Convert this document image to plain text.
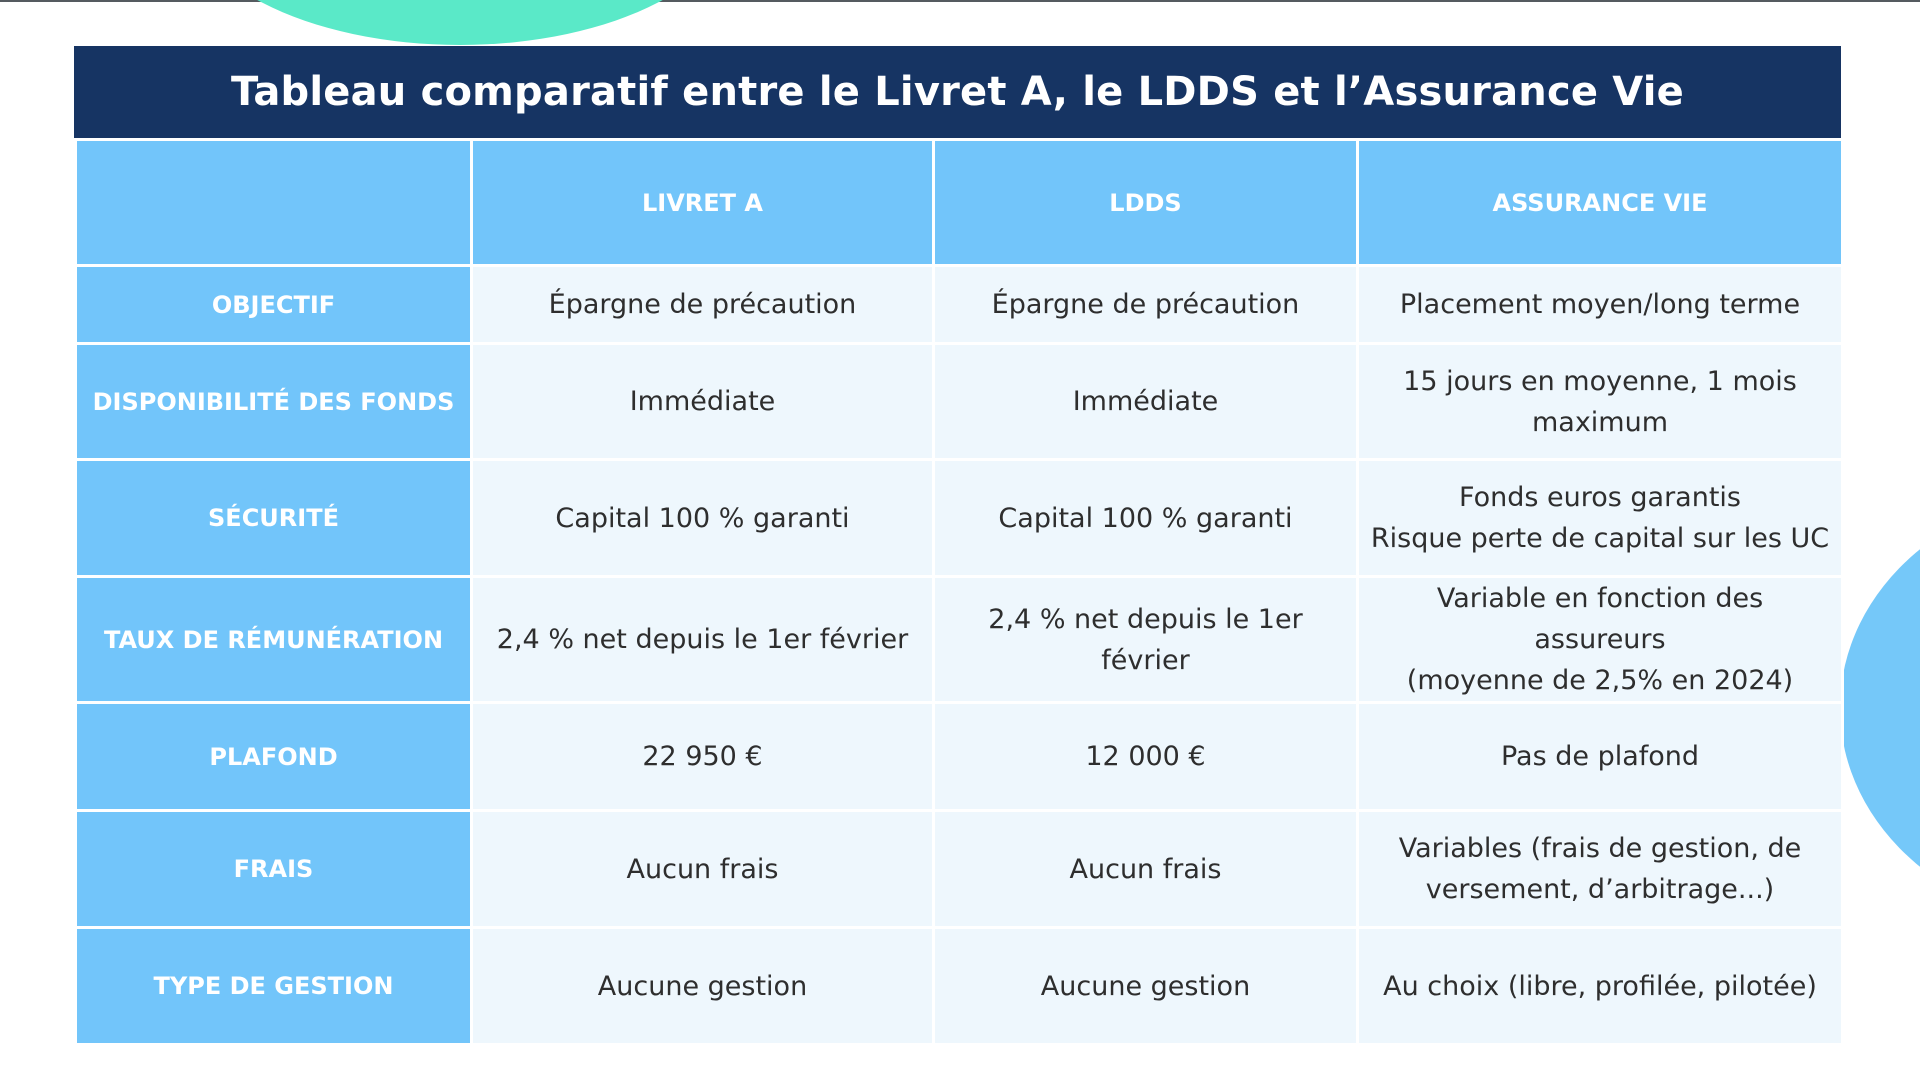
Tableau comparatif entre le Livret A, le LDDS et l’Assurance Vie
	LIVRET A	LDDS	ASSURANCE VIE
OBJECTIF	Épargne de précaution	Épargne de précaution	Placement moyen/long terme

DISPONIBILITÉ DES FONDS	Immédiate	Immédiate	15 jours en moyenne, 1 mois
maximum

SÉCURITÉ	Capital 100 % garanti	Capital 100 % garanti	Fonds euros garantis
Risque perte de capital sur les UC

TAUX DE RÉMUNÉRATION	2,4 % net depuis le 1er février	2,4 % net depuis le 1er février	Variable en fonction des assureurs
(moyenne de 2,5% en 2024)

PLAFOND	22 950 €	12 000 €	Pas de plafond

FRAIS	Aucun frais	Aucun frais	Variables (frais de gestion, de
versement, d’arbitrage...)

TYPE DE GESTION	Aucune gestion	Aucune gestion	Au choix (libre, profilée, pilotée)
